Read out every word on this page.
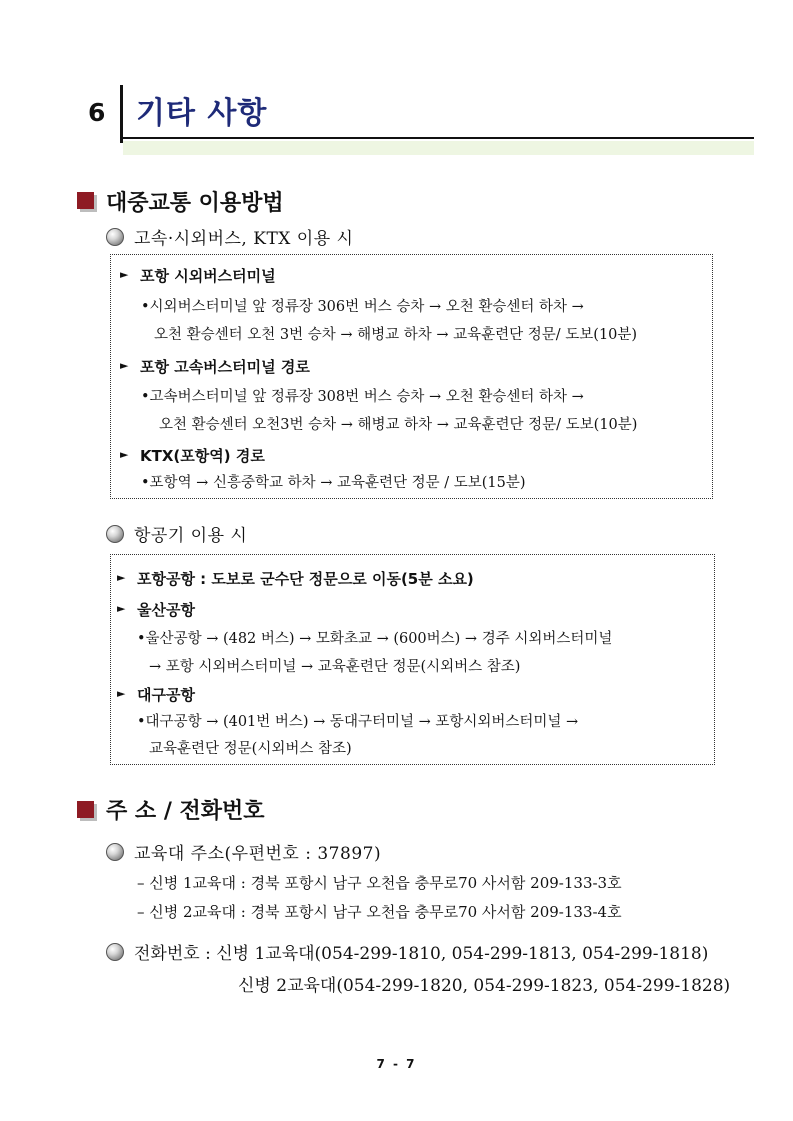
6 기타 사항
대중교통 이용방법
고속·시외버스, KTX 이용 시
► 포항 시외버스터미널
•시외버스터미널 앞 정류장 306번 버스 승차 → 오천 환승센터 하차 →
오천 환승센터 오천 3번 승차 → 해병교 하차 → 교육훈련단 정문/ 도보(10분)
► 포항 고속버스터미널 경로
•고속버스터미널 앞 정류장 308번 버스 승차 → 오천 환승센터 하차 →
오천 환승센터 오천3번 승차 → 해병교 하차 → 교육훈련단 정문/ 도보(10분)
► KTX(포항역) 경로
•포항역 → 신흥중학교 하차 → 교육훈련단 정문 / 도보(15분)
항공기 이용 시
► 포항공항 : 도보로 군수단 정문으로 이동(5분 소요)
► 울산공항
•울산공항 → (482 버스) → 모화초교 → (600버스) → 경주 시외버스터미널
→ 포항 시외버스터미널 → 교육훈련단 정문(시외버스 참조)
► 대구공항
•대구공항 → (401번 버스) → 동대구터미널 → 포항시외버스터미널 →
교육훈련단 정문(시외버스 참조)
주 소 / 전화번호
교육대 주소(우편번호 : 37897)
– 신병 1교육대 : 경북 포항시 남구 오천읍 충무로70 사서함 209-133-3호
– 신병 2교육대 : 경북 포항시 남구 오천읍 충무로70 사서함 209-133-4호
전화번호 : 신병 1교육대(054-299-1810, 054-299-1813, 054-299-1818)
신병 2교육대(054-299-1820, 054-299-1823, 054-299-1828)
7 - 7
